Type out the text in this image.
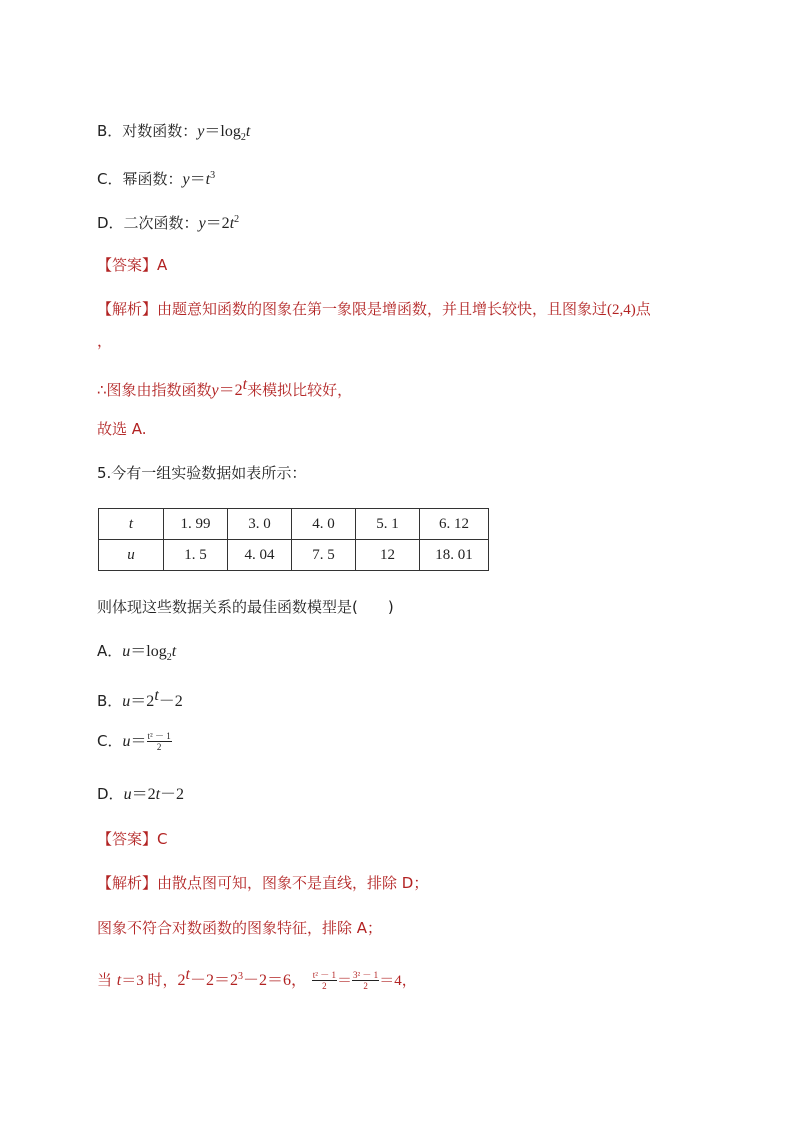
B．对数函数：$y=\log_2t$
C．幂函数：$y=t^3$
D．二次函数：$y=2t^2$
【答案】A
【解析】由题意知函数的图象在第一象限是增函数，并且增长较快，且图象过(2,4)点
，
∴图象由指数函数$y=2^t$来模拟比较好，
故选 A.
5.今有一组实验数据如表所示：
t	1. 99	3. 0	4. 0	5. 1	6. 12
u	1. 5	4. 04	7. 5	12	18. 01
则体现这些数据关系的最佳函数模型是(　　)
A．$u=\log_2t$
B．$u=2^t-2$
C．$u= \frac{\text{t² － 1}}{2}$
D．u＝2t－2
【答案】C
【解析】由散点图可知，图象不是直线，排除 D；
图象不符合对数函数的图象特征，排除 A；
当 t＝3 时，$2^t-2=2^3-2=6$， $\frac{\text{t² － 1}}{2} = \frac{\text{3² － 1}}{2} =4$，
